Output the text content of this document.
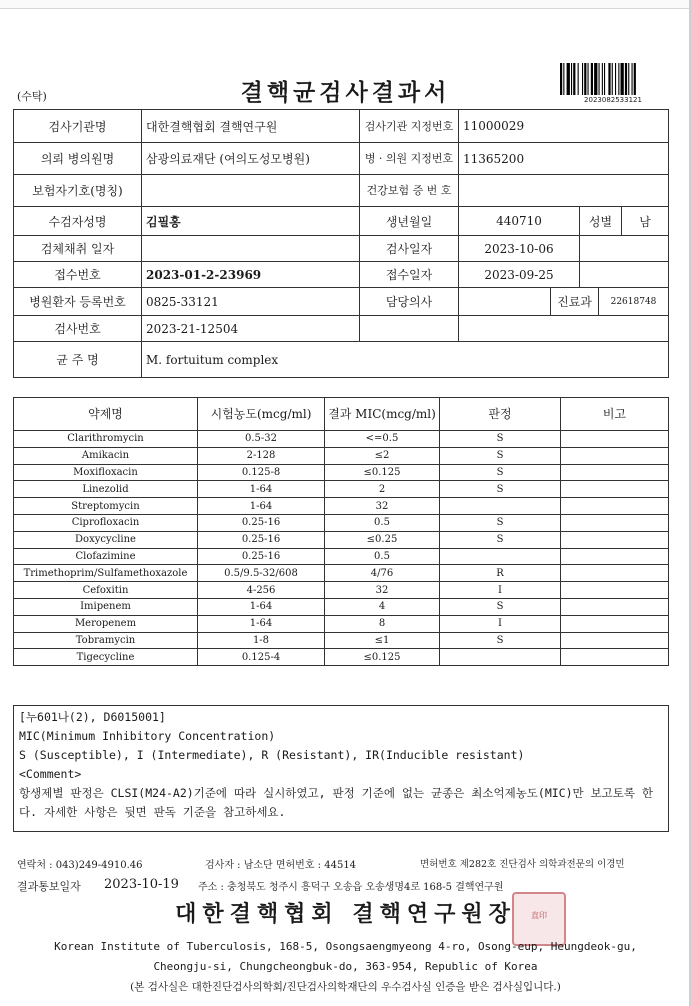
(수탁)	결핵균검사결과서	2023082533121
검사기관명	대한결핵협회 결핵연구원	검사기관 지정번호	11000029
의뢰 병의원명	삼광의료재단 (여의도성모병원)	병 · 의원 지정번호	11365200
보험자기호(명칭)		건강보험 증 번 호	
수검자성명	김필홍	생년월일	440710	성별	남
검체채취 일자		검사일자	2023-10-06	
접수번호	2023-01-2-23969	접수일자	2023-09-25	
병원환자 등록번호	0825-33121	담당의사		진료과	22618748
검사번호	2023-21-12504		
균 주 명	M. fortuitum complex		
약제명	시험농도(mcg/ml)	결과 MIC(mcg/ml)	판정	비고
Clarithromycin	0.5-32	<=0.5	S	
Amikacin	2-128	≤2	S	
Moxifloxacin	0.125-8	≤0.125	S	
Linezolid	1-64	2	S	
Streptomycin	1-64	32		
Ciprofloxacin	0.25-16	0.5	S	
Doxycycline	0.25-16	≤0.25	S	
Clofazimine	0.25-16	0.5		
Trimethoprim/Sulfamethoxazole	0.5/9.5-32/608	4/76	R	
Cefoxitin	4-256	32	I	
Imipenem	1-64	4	S	
Meropenem	1-64	8	I	
Tobramycin	1-8	≤1	S	
Tigecycline	0.125-4	≤0.125		
[누601나(2), D6015001]
MIC(Minimum Inhibitory Concentration)
S (Susceptible), I (Intermediate), R (Resistant), IR(Inducible resistant)
<Comment>
항생제별 판정은 CLSI(M24-A2)기준에 따라 실시하였고, 판정 기준에 없는 균종은 최소억제농도(MIC)만 보고토록 한다. 자세한 사항은 뒷면 판독 기준을 참고하세요.
연락처 : 043)249-4910.46	검사자 : 남소단 면허번호 : 44514	면허번호 제282호 진단검사 의학과전문의 이경민
결과통보일자 2023-10-19 주소 : 충청북도 청주시 흥덕구 오송읍 오송생명4로 168-5 결핵연구원
대한결핵협회 결핵연구원장	直印
Korean Institute of Tuberculosis, 168-5, Osongsaengmyeong 4-ro, Osong-eup, Heungdeok-gu,
Cheongju-si, Chungcheongbuk-do, 363-954, Republic of Korea
(본 검사실은 대한진단검사의학회/진단검사의학재단의 우수검사실 인증을 받은 검사실입니다.)
